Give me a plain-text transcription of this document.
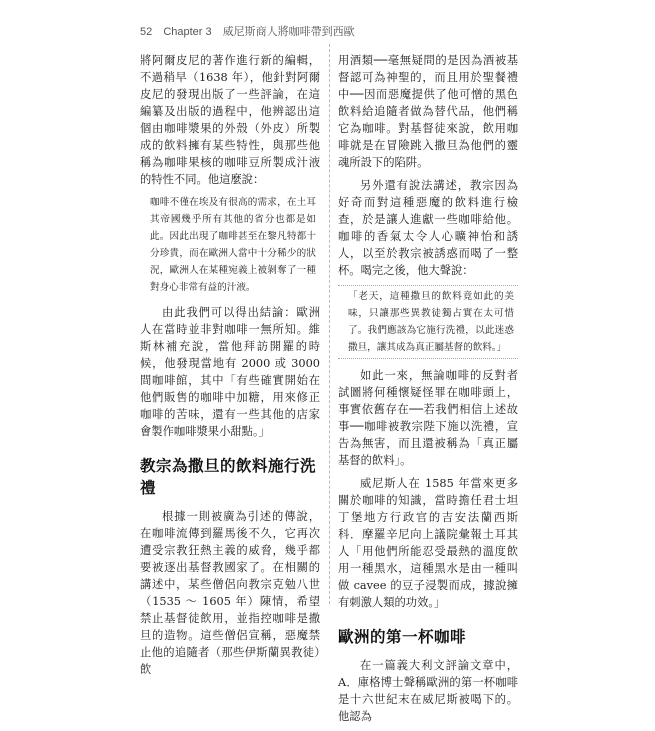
52 Chapter 3 威尼斯商人將咖啡帶到西歐

將阿爾皮尼的著作進行新的編輯，不過稍早（1638 年），他針對阿爾皮尼的發現出版了一些評論，在這編纂及出版的過程中，他辨認出這個由咖啡漿果的外殼（外皮）所製成的飲料擁有某些特性，與那些他稱為咖啡果核的咖啡豆所製成汁液的特性不同。他這麼說：

咖啡不僅在埃及有很高的需求，在土耳其帝國幾乎所有其他的省分也都是如此。因此出現了咖啡甚至在黎凡特都十分珍貴，而在歐洲人當中十分稀少的狀況，歐洲人在某種宛義上被剝奪了一種對身心非常有益的汁液。

由此我們可以得出結論：歐洲人在當時並非對咖啡一無所知。維斯林補充說，當他拜訪開羅的時候，他發現當地有 2000 或 3000 間咖啡館，其中「有些確實開始在他們販售的咖啡中加糖，用來修正咖啡的苦味，還有一些其他的店家會製作咖啡漿果小甜點。」

教宗為撒旦的飲料施行洗禮

根據一則被廣為引述的傳說，在咖啡流傳到羅馬後不久，它再次遭受宗教狂熱主義的威脅，幾乎都要被逐出基督教國家了。在相關的講述中，某些僧侶向教宗克勉八世（1535 ～ 1605 年）陳情，希望禁止基督徒飲用，並指控咖啡是撒旦的造物。這些僧侶宣稱，惡魔禁止他的追隨者（那些伊斯蘭異教徒）飲

用酒類──毫無疑問的是因為酒被基督認可為神聖的，而且用於聖餐禮中──因而惡魔提供了他可憎的黑色飲料給追隨者做為替代品，他們稱它為咖啡。對基督徒來說，飲用咖啡就是在冒險跳入撒旦為他們的靈魂所設下的陷阱。

另外還有說法講述，教宗因為好奇而對這種惡魔的飲料進行檢查，於是讓人進獻一些咖啡給他。咖啡的香氣太令人心曠神怡和誘人，以至於教宗被誘惑而喝了一整杯。喝完之後，他大聲說：

「老天，這種撒旦的飲料竟如此的美味，只讓那些異教徒獨占實在太可惜了。我們應該為它施行洗禮，以此迷惑撒旦，讓其成為真正屬基督的飲料。」

如此一來，無論咖啡的反對者試圖將何種懷疑怪罪在咖啡頭上，事實依舊存在──若我們相信上述故事──咖啡被教宗陛下施以洗禮，宣告為無害，而且還被稱為「真正屬基督的飲料」。

威尼斯人在 1585 年當來更多關於咖啡的知識，當時擔任君士坦丁堡地方行政官的吉安法蘭西斯科．摩羅辛尼向上議院彙報土耳其人「用他們所能忍受最熱的溫度飲用一種黑水，這種黑水是由一種叫做 cavee 的豆子浸製而成，據說擁有刺激人類的功效。」

歐洲的第一杯咖啡

在一篇義大利文評論文章中，A．庫格博士聲稱歐洲的第一杯咖啡是十六世紀末在威尼斯被喝下的。他認為
